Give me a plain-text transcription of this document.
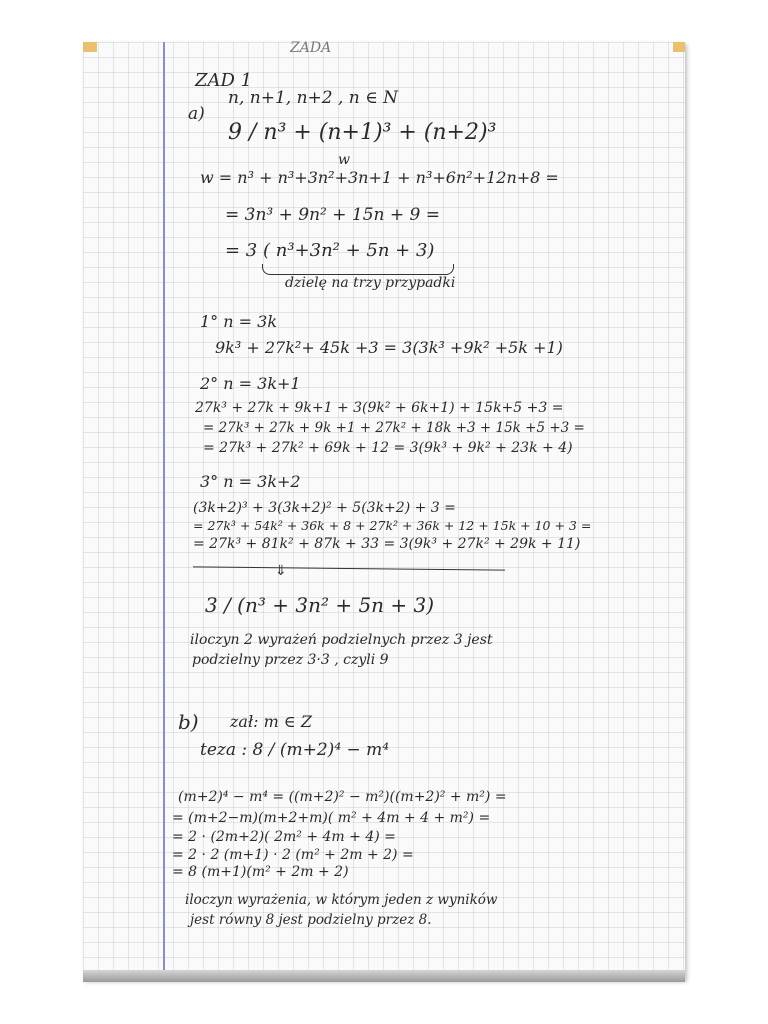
ZADA
ZAD 1
a)
n, n+1, n+2 , n ∈ N
9 / n³ + (n+1)³ + (n+2)³
w
w = n³ + n³+3n²+3n+1 + n³+6n²+12n+8 =
= 3n³ + 9n² + 15n + 9 =
= 3 ( n³+3n² + 5n + 3)
dzielę na trzy przypadki
1° n = 3k
9k³ + 27k²+ 45k +3 = 3(3k³ +9k² +5k +1)
2° n = 3k+1
27k³ + 27k + 9k+1 + 3(9k² + 6k+1) + 15k+5 +3 =
= 27k³ + 27k + 9k +1 + 27k² + 18k +3 + 15k +5 +3 =
= 27k³ + 27k² + 69k + 12 = 3(9k³ + 9k² + 23k + 4)
3° n = 3k+2
(3k+2)³ + 3(3k+2)² + 5(3k+2) + 3 =
= 27k³ + 54k² + 36k + 8 + 27k² + 36k + 12 + 15k + 10 + 3 =
= 27k³ + 81k² + 87k + 33 = 3(9k³ + 27k² + 29k + 11)
⇓
3 / (n³ + 3n² + 5n + 3)
iloczyn 2 wyrażeń podzielnych przez 3 jest
podzielny przez 3·3 , czyli 9
b) zał: m ∈ Z
teza : 8 / (m+2)⁴ − m⁴
(m+2)⁴ − m⁴ = ((m+2)² − m²)((m+2)² + m²) =
= (m+2−m)(m+2+m)( m² + 4m + 4 + m²) =
= 2 · (2m+2)( 2m² + 4m + 4) =
= 2 · 2 (m+1) · 2 (m² + 2m + 2) =
= 8 (m+1)(m² + 2m + 2)
iloczyn wyrażenia, w którym jeden z wyników
jest równy 8 jest podzielny przez 8.
